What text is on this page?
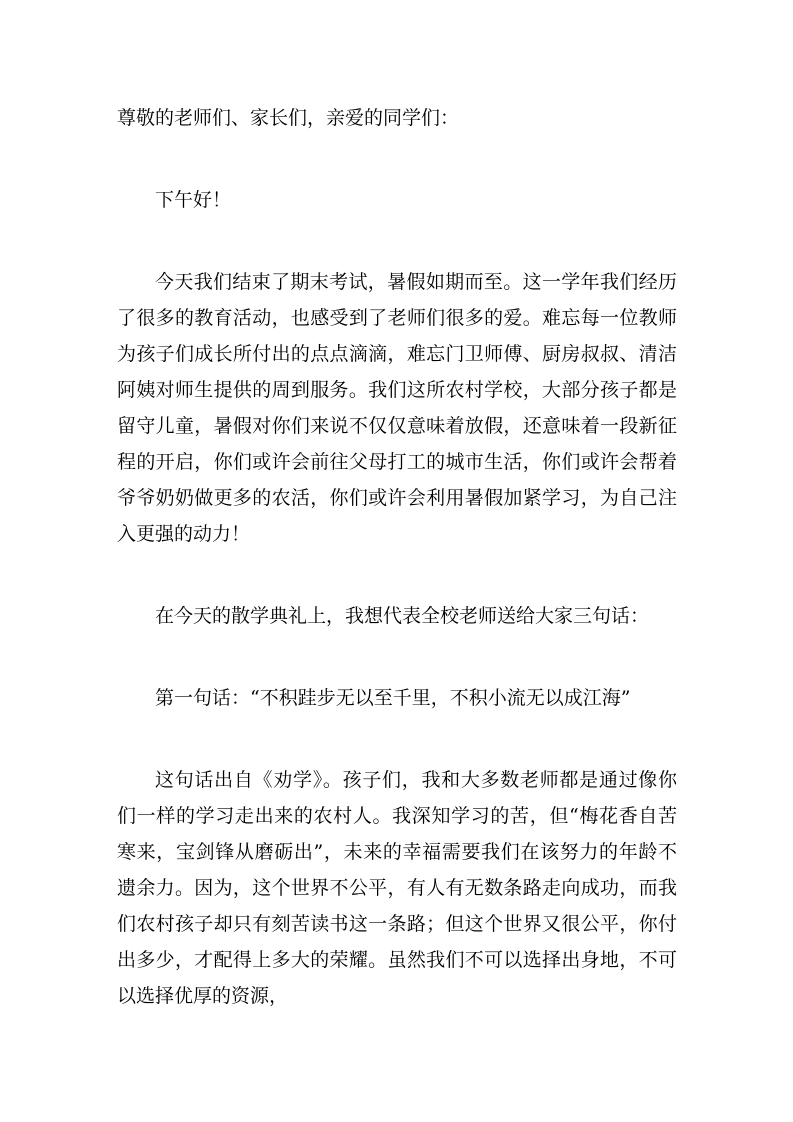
尊敬的老师们、家长们，亲爱的同学们：

下午好！

今天我们结束了期末考试，暑假如期而至。这一学年我们经历了很多的教育活动，也感受到了老师们很多的爱。难忘每一位教师为孩子们成长所付出的点点滴滴，难忘门卫师傅、厨房叔叔、清洁阿姨对师生提供的周到服务。我们这所农村学校，大部分孩子都是留守儿童，暑假对你们来说不仅仅意味着放假，还意味着一段新征程的开启，你们或许会前往父母打工的城市生活，你们或许会帮着爷爷奶奶做更多的农活，你们或许会利用暑假加紧学习，为自己注入更强的动力！

在今天的散学典礼上，我想代表全校老师送给大家三句话：

第一句话：“不积跬步无以至千里，不积小流无以成江海”

这句话出自《劝学》。孩子们，我和大多数老师都是通过像你们一样的学习走出来的农村人。我深知学习的苦，但“梅花香自苦寒来，宝剑锋从磨砺出”，未来的幸福需要我们在该努力的年龄不遗余力。因为，这个世界不公平，有人有无数条路走向成功，而我们农村孩子却只有刻苦读书这一条路；但这个世界又很公平，你付出多少，才配得上多大的荣耀。虽然我们不可以选择出身地，不可以选择优厚的资源，
